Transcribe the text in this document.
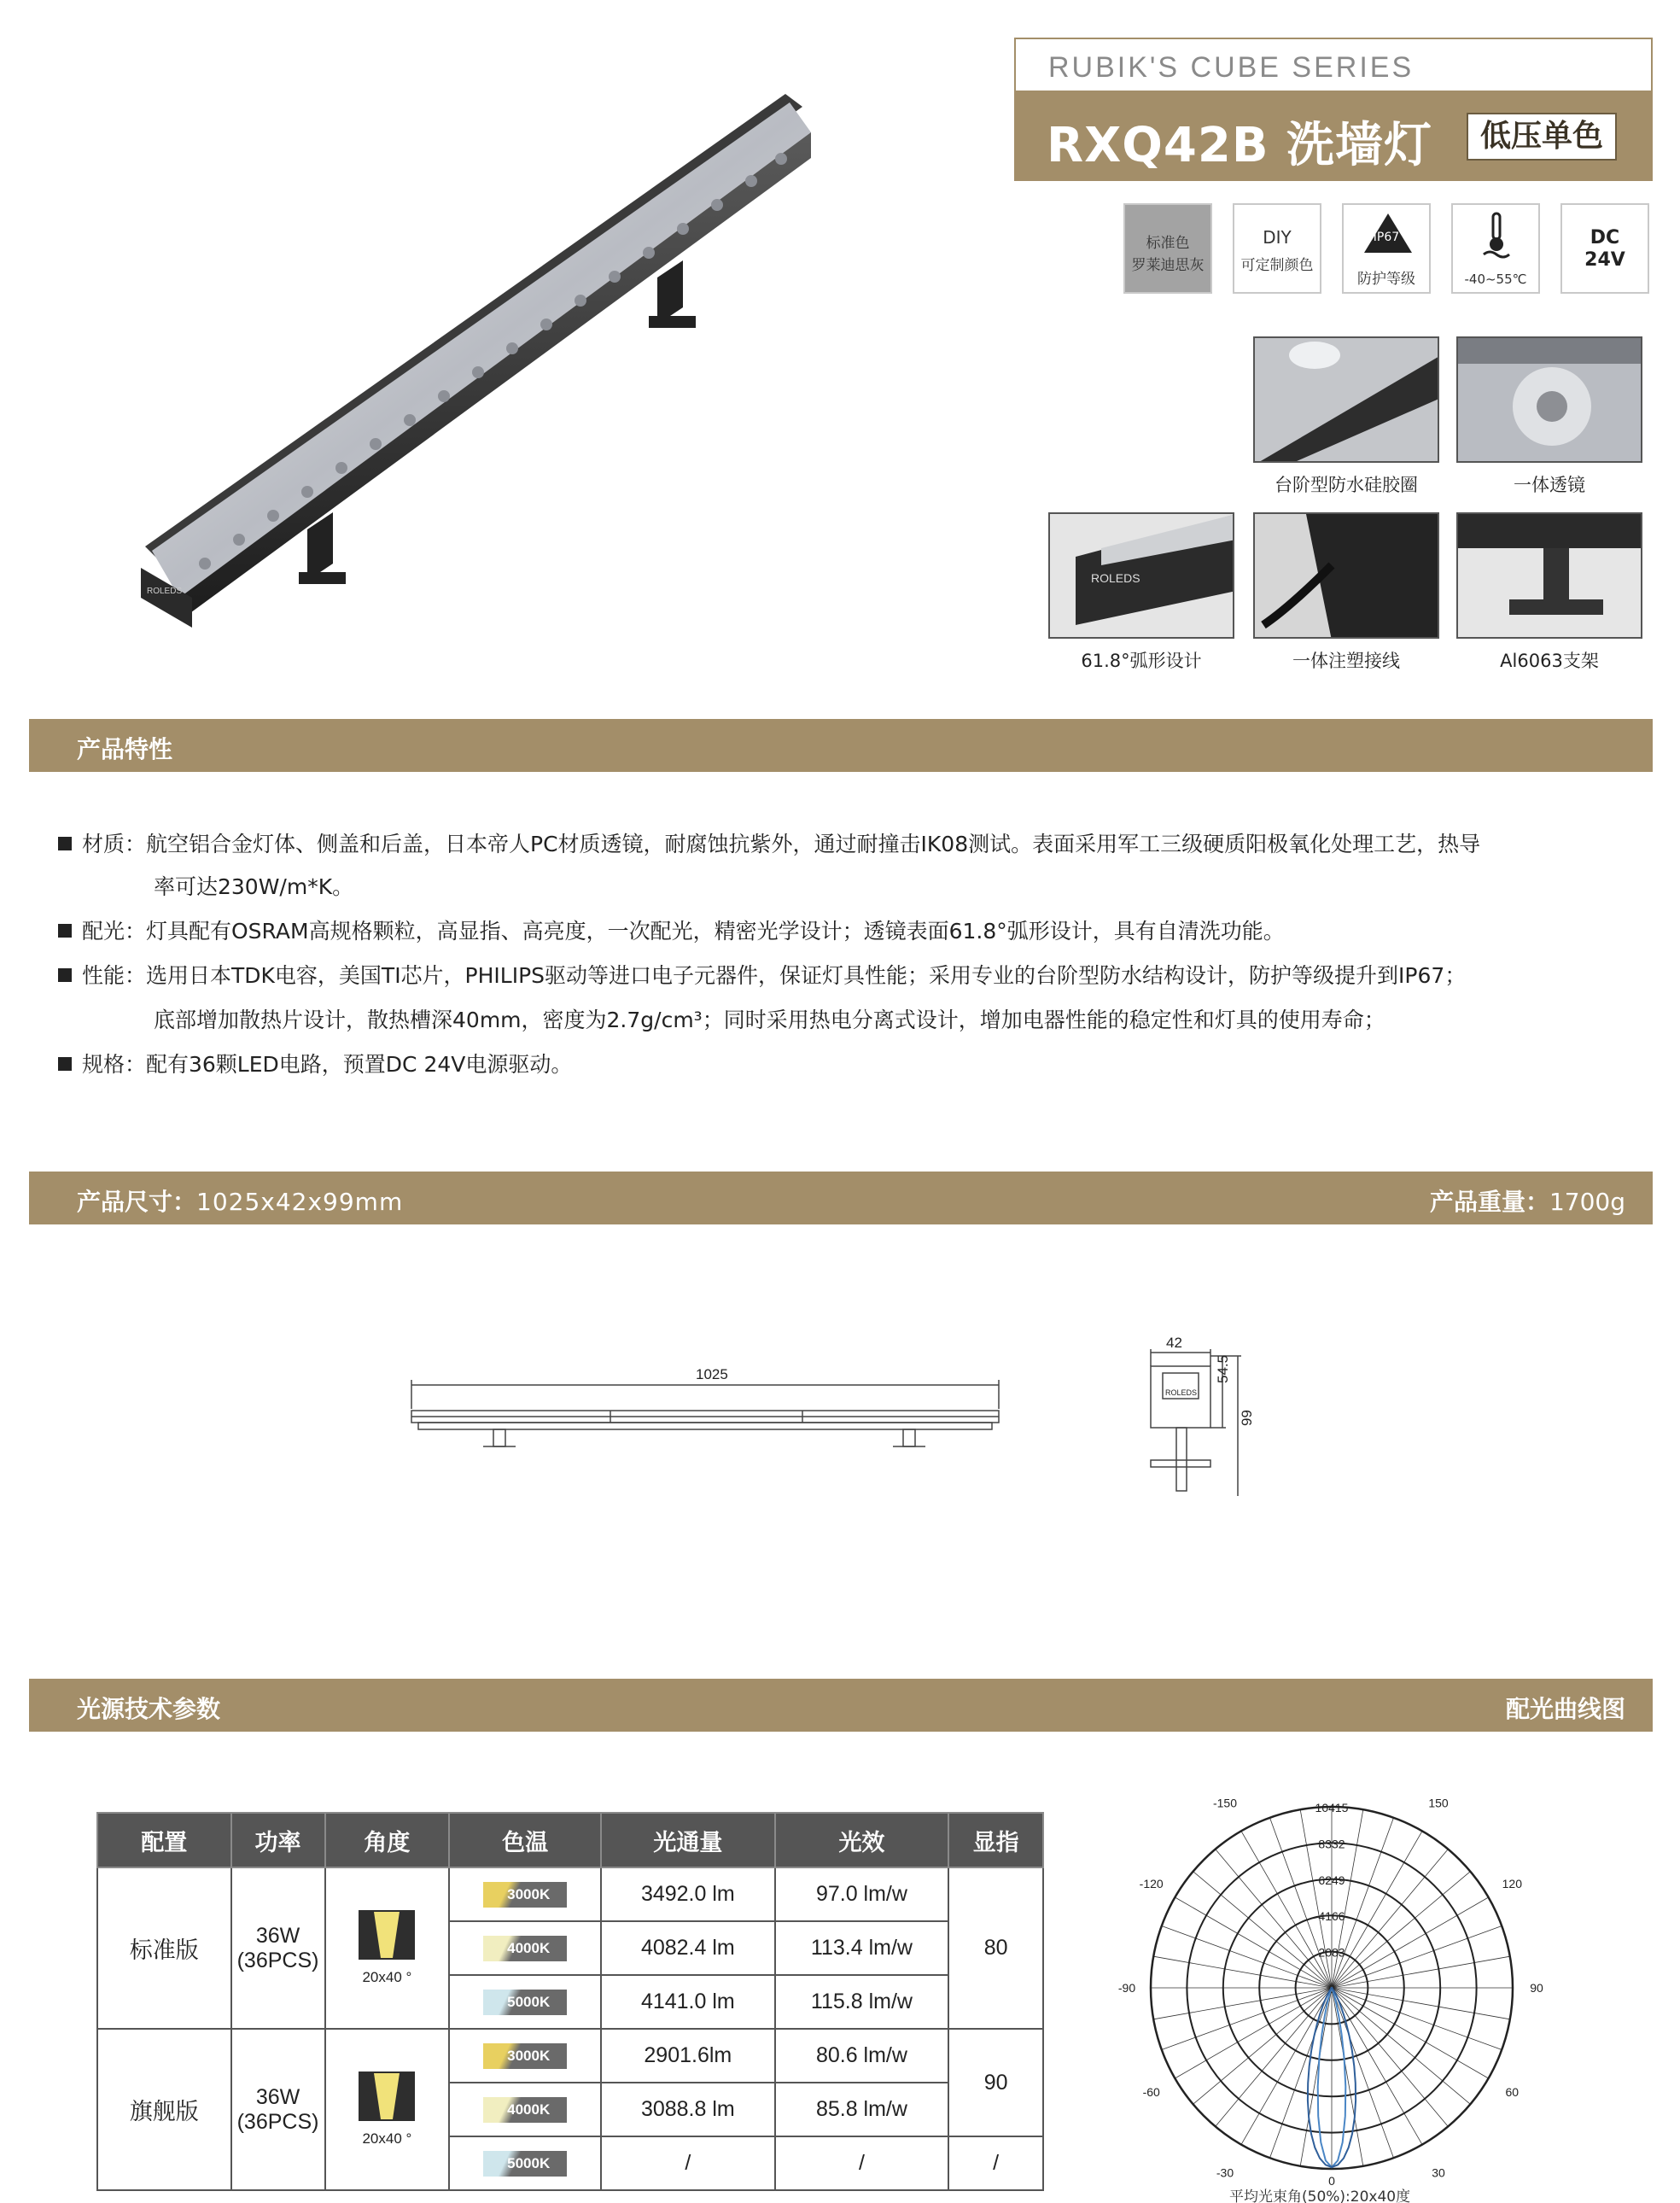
ROLEDS
RUBIK'S CUBE SERIES
RXQ42B 洗墙灯	低压单色
标准色
罗莱迪思灰
DIY
可定制颜色
IP67
防护等级	-40~55℃
DC
24V
台阶型防水硅胶圈	一体透镜
ROLEDS
61.8°弧形设计	一体注塑接线	Al6063支架
产品特性
材质：航空铝合金灯体、侧盖和后盖，日本帝人PC材质透镜，耐腐蚀抗紫外，通过耐撞击IK08测试。表面采用军工三级硬质阳极氧化处理工艺，热导
率可达230W/m*K。
配光：灯具配有OSRAM高规格颗粒，高显指、高亮度，一次配光，精密光学设计；透镜表面61.8°弧形设计，具有自清洗功能。
性能：选用日本TDK电容，美国TI芯片，PHILIPS驱动等进口电子元器件，保证灯具性能；采用专业的台阶型防水结构设计，防护等级提升到IP67；
底部增加散热片设计，散热槽深40mm，密度为2.7g/cm³；同时采用热电分离式设计，增加电器性能的稳定性和灯具的使用寿命；
规格：配有36颗LED电路，预置DC 24V电源驱动。
产品尺寸：1025x42x99mm	产品重量：1700g
1025
42
54.5
99
ROLEDS
光源技术参数	配光曲线图
配置	功率	角度	色温	光通量	光效	显指
标准版	36W
(36PCS)	20x40 °	3000K	3492.0 lm	97.0 lm/w	80

			4000K	4082.4 lm	113.4 lm/w	

			5000K	4141.0 lm	115.8 lm/w	
旗舰版	36W
(36PCS)	20x40 °	3000K	2901.6lm	80.6 lm/w	90

			4000K	3088.8 lm	85.8 lm/w	

			5000K	/	/	/
10415
8332
6249
4166
2083
0
-150	150
-120	120
-90	90
-60	60
-30	30
0
平均光束角(50%):20x40度
